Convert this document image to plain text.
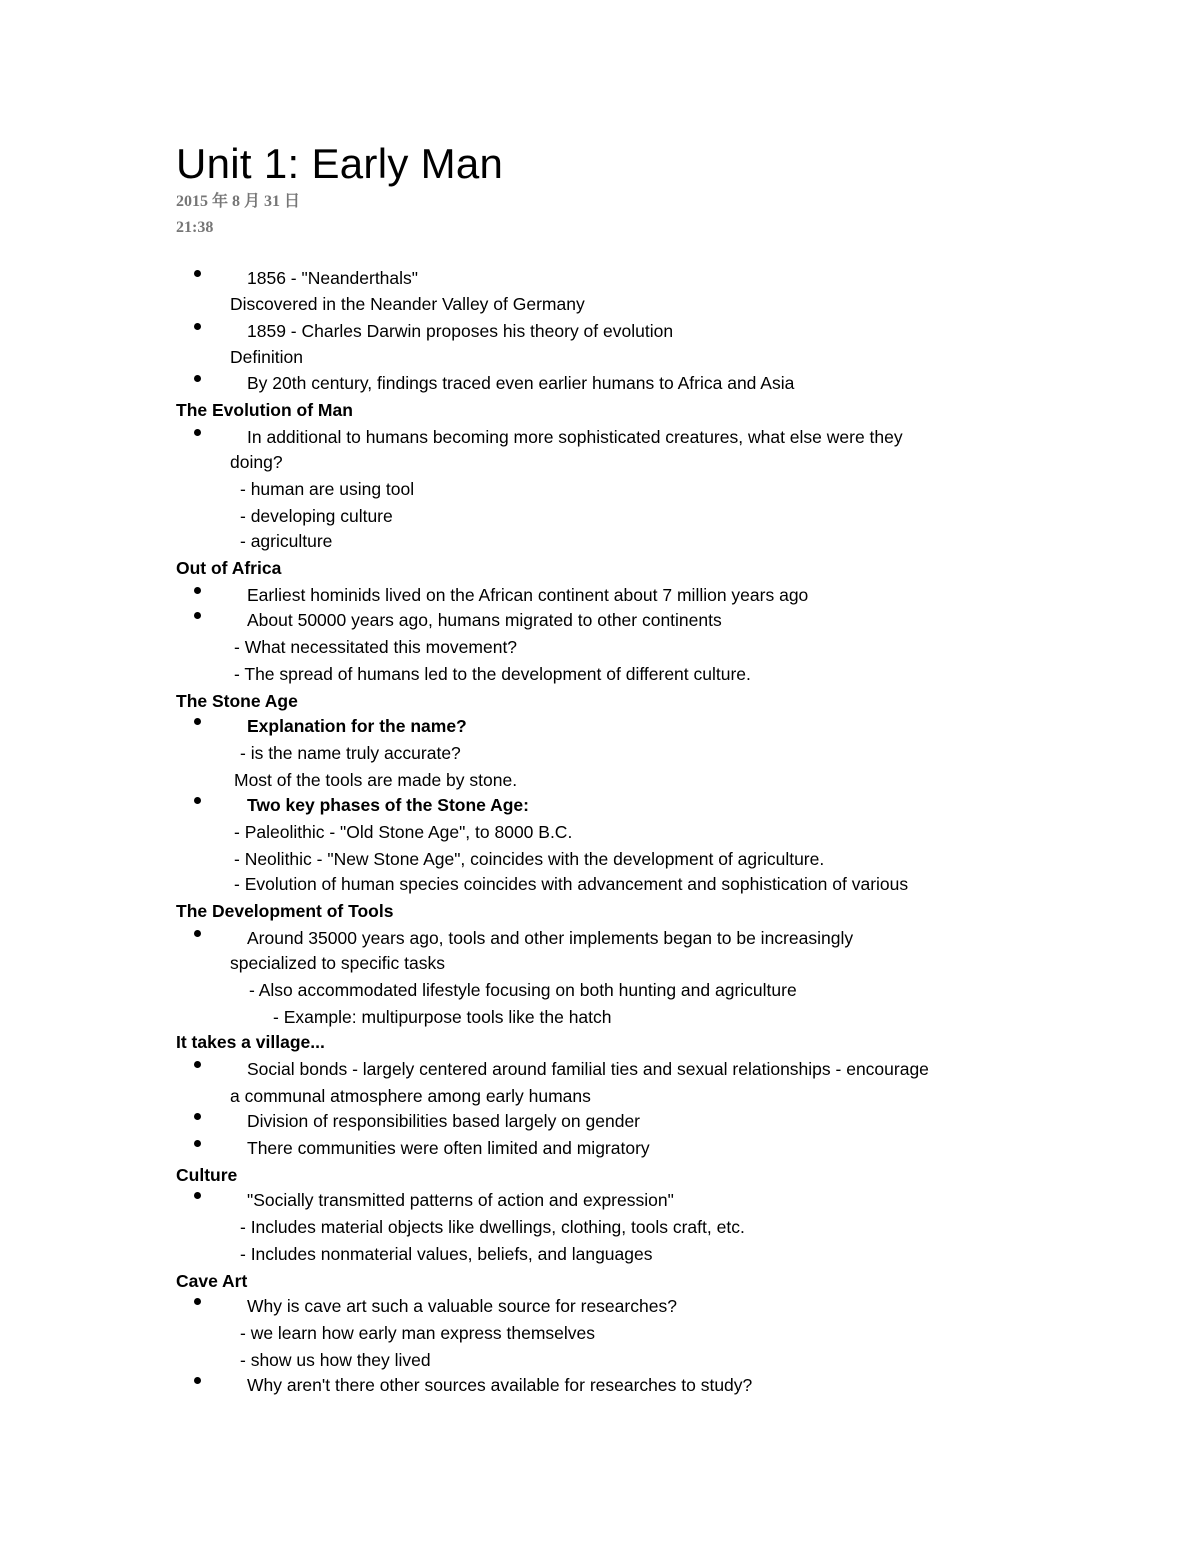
Unit 1: Early Man
2015 年 8 月 31 日
21:38
1856 - "Neanderthals"
Discovered in the Neander Valley of Germany
1859 - Charles Darwin proposes his theory of evolution
Definition
By 20th century, findings traced even earlier humans to Africa and Asia
The Evolution of Man
In additional to humans becoming more sophisticated creatures, what else were they
doing?
- human are using tool
- developing culture
- agriculture
Out of Africa
Earliest hominids lived on the African continent about 7 million years ago
About 50000 years ago, humans migrated to other continents
- What necessitated this movement?
- The spread of humans led to the development of different culture.
The Stone Age
Explanation for the name?
- is the name truly accurate?
Most of the tools are made by stone.
Two key phases of the Stone Age:
- Paleolithic - "Old Stone Age", to 8000 B.C.
- Neolithic - "New Stone Age", coincides with the development of agriculture.
- Evolution of human species coincides with advancement and sophistication of various
The Development of Tools
Around 35000 years ago, tools and other implements began to be increasingly
specialized to specific tasks
- Also accommodated lifestyle focusing on both hunting and agriculture
- Example: multipurpose tools like the hatch
It takes a village...
Social bonds - largely centered around familial ties and sexual relationships - encourage
a communal atmosphere among early humans
Division of responsibilities based largely on gender
There communities were often limited and migratory
Culture
"Socially transmitted patterns of action and expression"
- Includes material objects like dwellings, clothing, tools craft, etc.
- Includes nonmaterial values, beliefs, and languages
Cave Art
Why is cave art such a valuable source for researches?
- we learn how early man express themselves
- show us how they lived
Why aren't there other sources available for researches to study?
